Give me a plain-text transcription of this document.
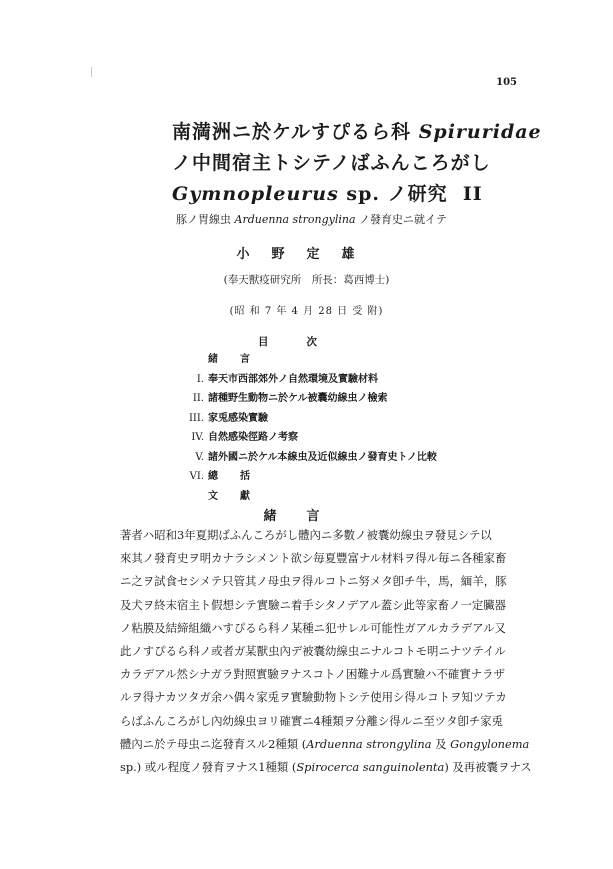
105
南満洲ニ於ケルすぴるら科 Spiruridae
ノ中間宿主トシテノばふんころがし
Gymnopleurus sp. ノ研究 II
豚ノ胃線虫 Arduenna strongylina ノ發育史ニ就イテ
小野定雄
(奉天獸疫研究所　所長：葛西博士)
(昭 和 7 年 4 月 28 日 受 附)
目次
緒言
I. 奉天市西部郊外ノ自然環境及實驗材料
II. 諸種野生動物ニ於ケル被囊幼線虫ノ檢索
III. 家兎感染實驗
IV. 自然感染徑路ノ考察
V. 諸外國ニ於ケル本線虫及近似線虫ノ發育史トノ比較
VI. 總括
文獻
緒言
著者ハ昭和3年夏期ばふんころがし體內ニ多數ノ被囊幼線虫ヲ發見シテ以
來其ノ發育史ヲ明カナラシメント欲シ毎夏豐富ナル材料ヲ得ル毎ニ各種家畜
ニ之ヲ試食セシメテ只管其ノ母虫ヲ得ルコトニ努メタ卽チ牛，馬，緬羊，豚
及犬ヲ終末宿主ト假想シテ實驗ニ着手シタノデアル蓋シ此等家畜ノ一定臟器
ノ粘膜及結締組織ハすぴるら科ノ某種ニ犯サレル可能性ガアルカラデアル又
此ノすぴるら科ノ或者ガ某獸虫內デ被囊幼線虫ニナルコトモ明ニナツテイル
カラデアル然シナガラ對照實驗ヲナスコトノ困難ナル爲實驗ハ不確實ナラザ
ルヲ得ナカツタガ余ハ偶々家兎ヲ實驗動物トシテ使用シ得ルコトヲ知ツテカ
らばふんころがし內幼線虫ヨリ確實ニ4種類ヲ分離シ得ルニ至ツタ卽チ家兎
體內ニ於テ母虫ニ迄發育スル2種類 (Arduenna strongylina 及 Gongylonema
sp.) 或ル程度ノ發育ヲナス1種類 (Spirocerca sanguinolenta) 及再被囊ヲナス
